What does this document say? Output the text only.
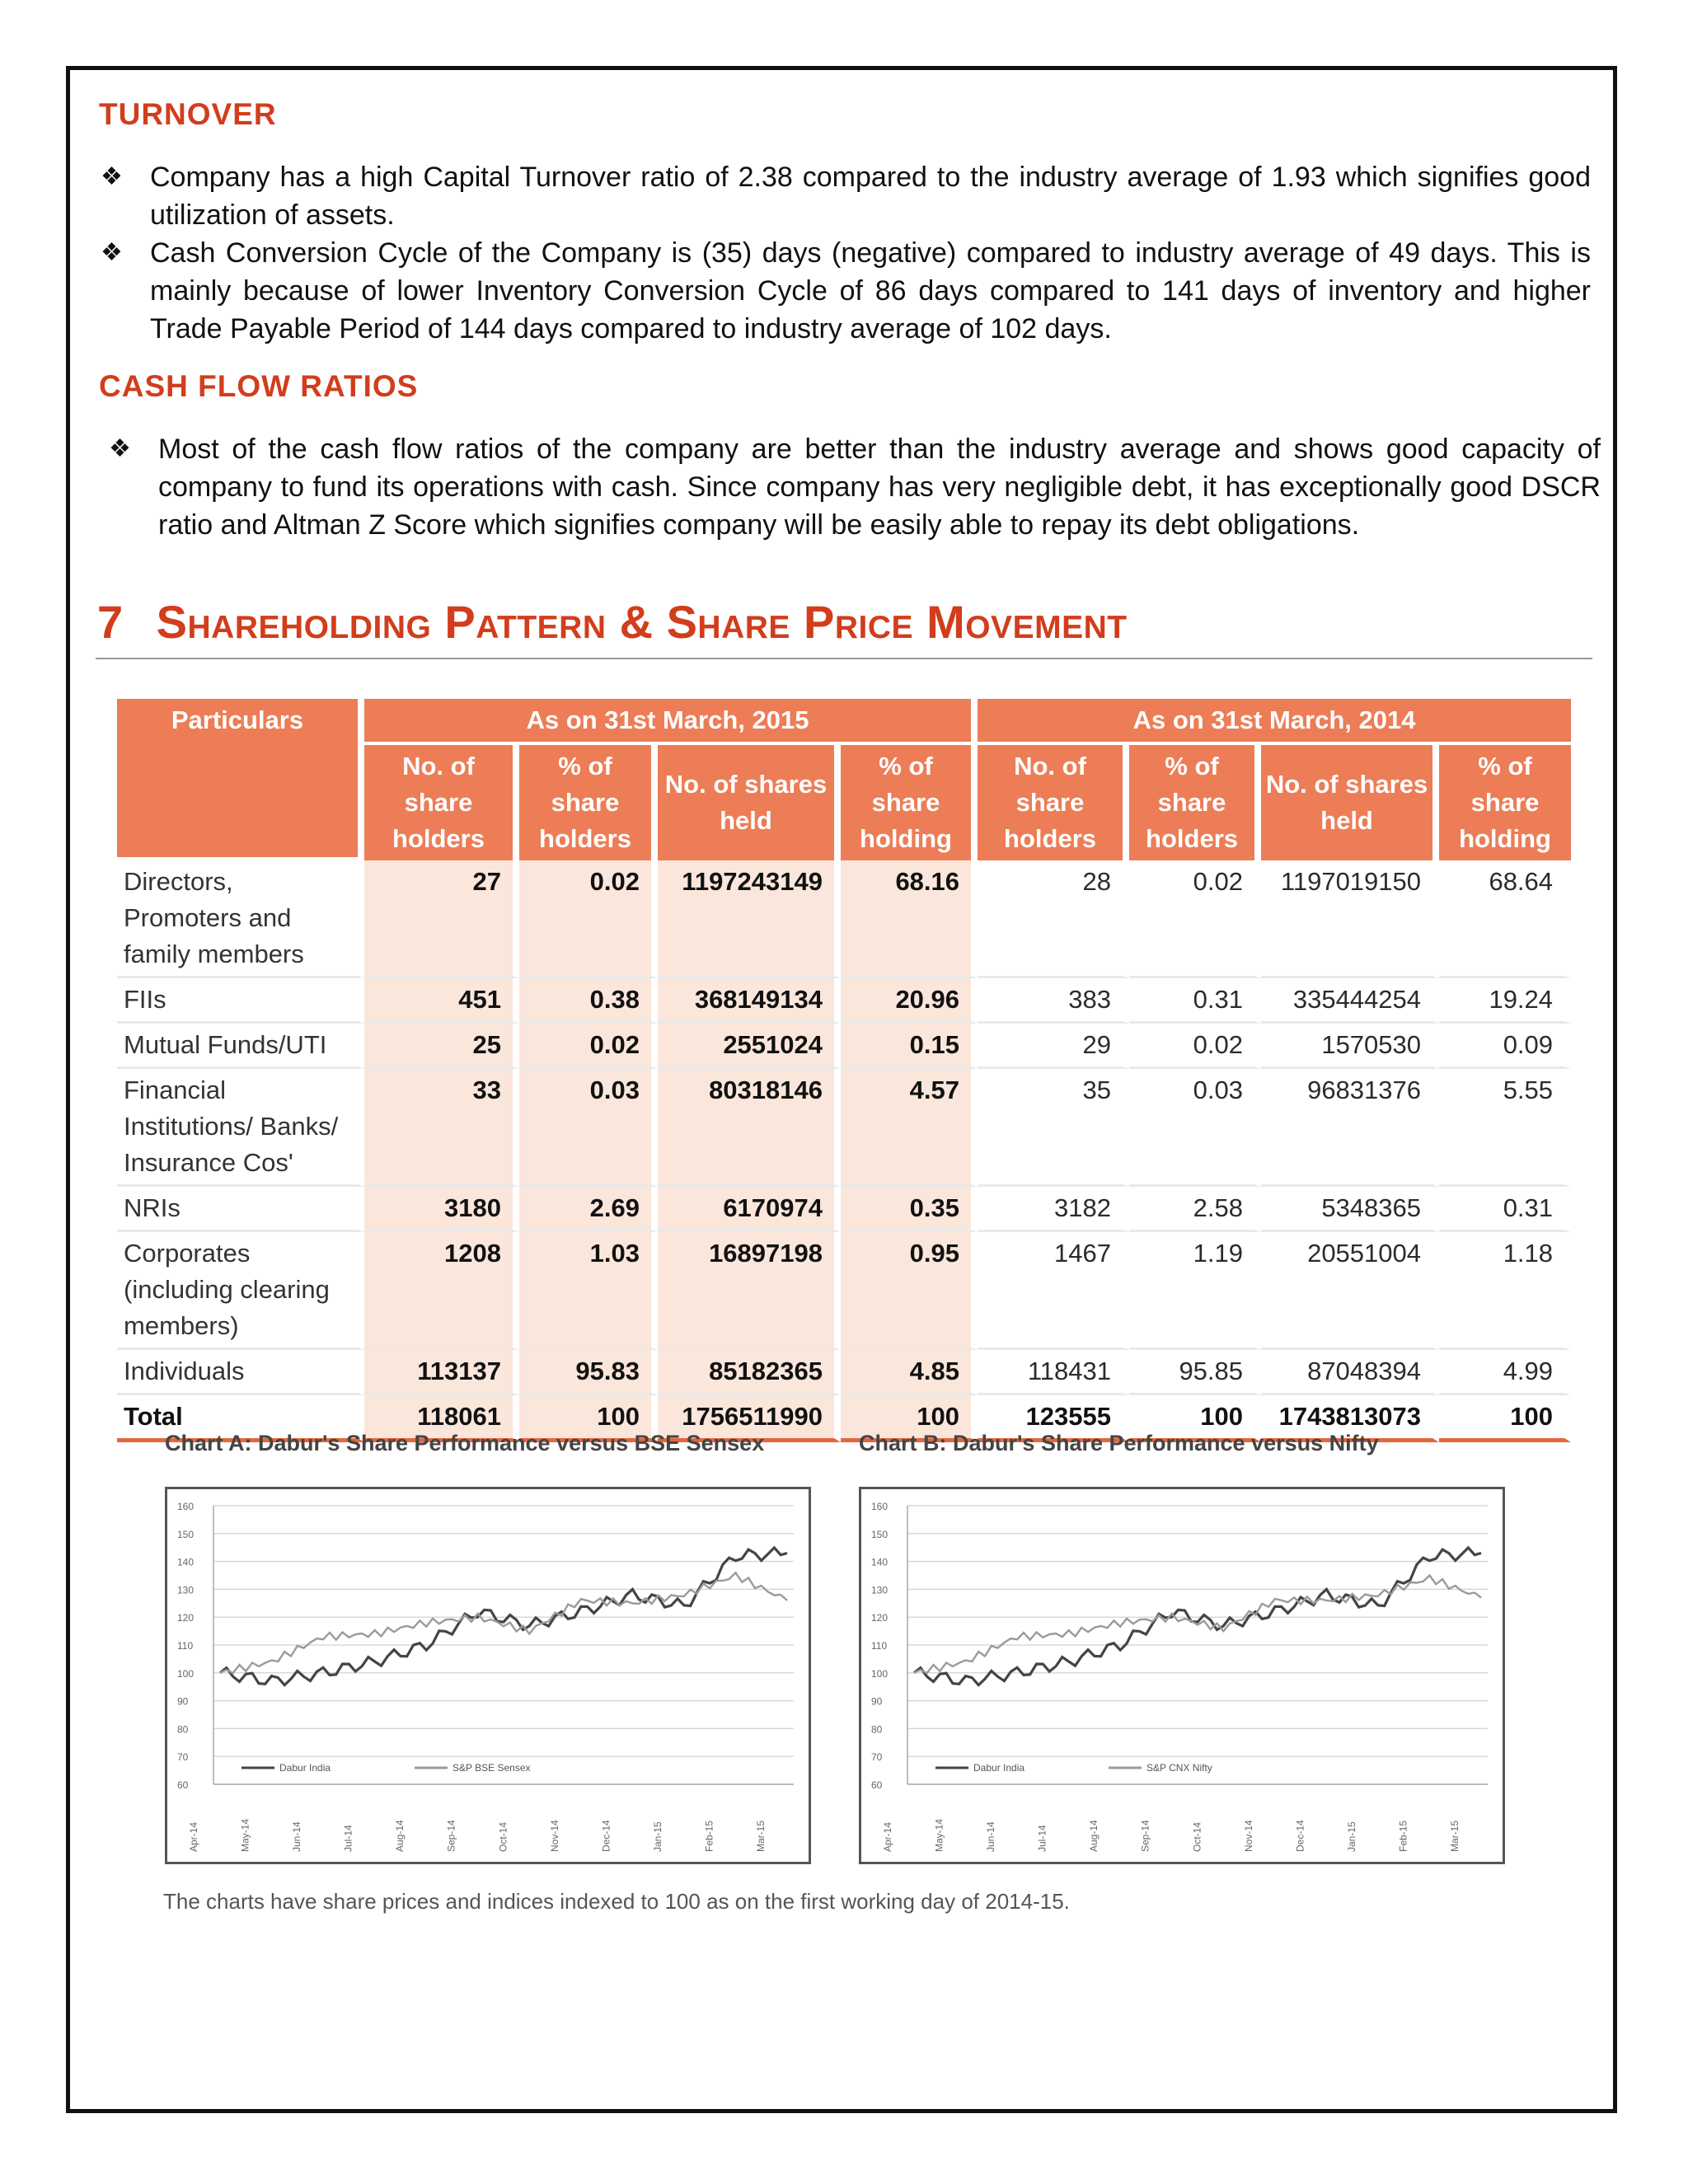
TURNOVER
❖ Company has a high Capital Turnover ratio of 2.38 compared to the industry average of 1.93 which signifies good utilization of assets.
❖ Cash Conversion Cycle of the Company is (35) days (negative) compared to industry average of 49 days. This is mainly because of lower Inventory Conversion Cycle of 86 days compared to 141 days of inventory and higher Trade Payable Period of 144 days compared to industry average of 102 days.
CASH FLOW RATIOS
❖ Most of the cash flow ratios of the company are better than the industry average and shows good capacity of company to fund its operations with cash. Since company has very negligible debt, it has exceptionally good DSCR ratio and Altman Z Score which signifies company will be easily able to repay its debt obligations.
7 Shareholding Pattern & Share Price Movement
Particulars	As on 31st March, 2015				As on 31st March, 2014			
	No. of share holders	% of share holders	No. of shares held	% of share holding	No. of share holders	% of share holders	No. of shares held	% of share holding
Directors, Promoters and family members	27	0.02	1197243149	68.16	28	0.02	1197019150	68.64
FIIs	451	0.38	368149134	20.96	383	0.31	335444254	19.24
Mutual Funds/UTI	25	0.02	2551024	0.15	29	0.02	1570530	0.09
Financial Institutions/ Banks/ Insurance Cos'	33	0.03	80318146	4.57	35	0.03	96831376	5.55
NRIs	3180	2.69	6170974	0.35	3182	2.58	5348365	0.31
Corporates (including clearing members)	1208	1.03	16897198	0.95	1467	1.19	20551004	1.18
Individuals	113137	95.83	85182365	4.85	118431	95.85	87048394	4.99
Total	118061	100	1756511990	100	123555	100	1743813073	100

Chart A: Dabur's Share Performance versus BSE Sensex	Chart B: Dabur's Share Performance versus Nifty

60
70
80
90
100
110
120
130
140
150
160
Apr-14	May-14	Jun-14	Jul-14	Aug-14	Sep-14	Oct-14	Nov-14	Dec-14	Jan-15	Feb-15	Mar-15
Dabur India	S&P BSE Sensex
60
70
80
90
100
110
120
130
140
150
160
Apr-14	May-14	Jun-14	Jul-14	Aug-14	Sep-14	Oct-14	Nov-14	Dec-14	Jan-15	Feb-15	Mar-15
Dabur India	S&P CNX Nifty

The charts have share prices and indices indexed to 100 as on the first working day of 2014-15.
